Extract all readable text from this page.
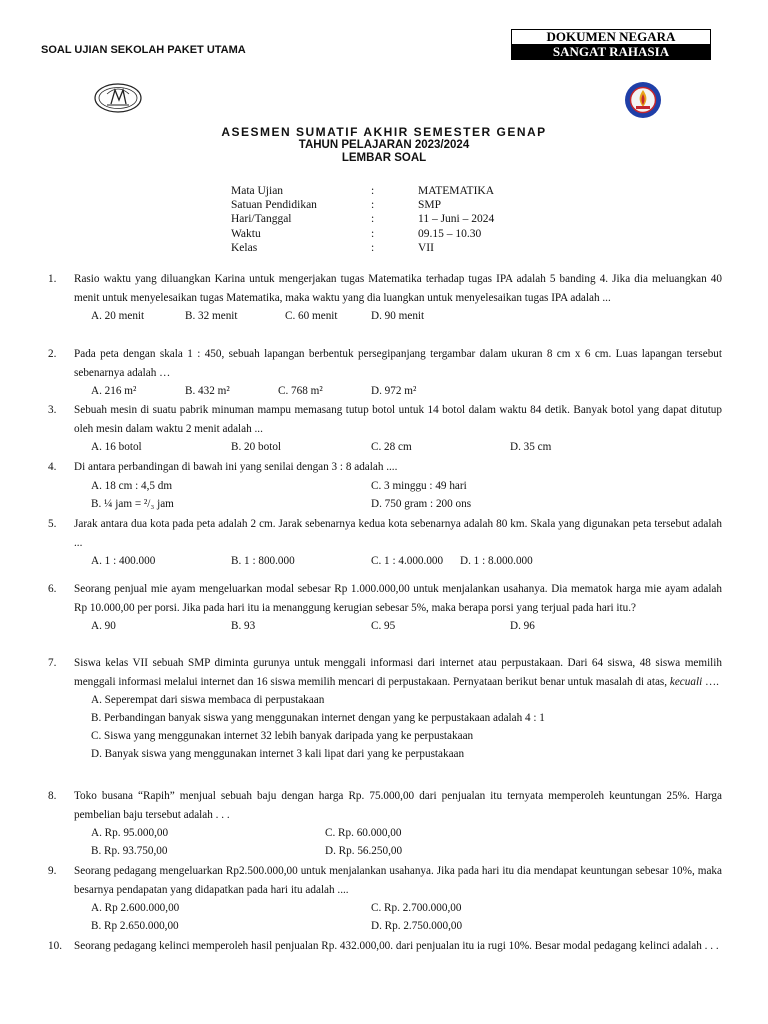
SOAL UJIAN SEKOLAH PAKET UTAMA
DOKUMEN NEGARA
SANGAT RAHASIA
ASESMEN SUMATIF AKHIR SEMESTER GENAP
TAHUN PELAJARAN 2023/2024
LEMBAR SOAL
Mata Ujian	:	MATEMATIKA
Satuan Pendidikan	:	SMP
Hari/Tanggal	:	11 – Juni – 2024
Waktu	:	09.15 – 10.30
Kelas	:	VII
1. Rasio waktu yang diluangkan Karina untuk mengerjakan tugas Matematika terhadap tugas IPA adalah 5 banding 4. Jika dia meluangkan 40 menit untuk menyelesaikan tugas Matematika, maka waktu yang dia luangkan untuk menyelesaikan tugas IPA adalah ...
A. 20 menit	B. 32 menit	C. 60 menit	D. 90 menit
2. Pada peta dengan skala 1 : 450, sebuah lapangan berbentuk persegipanjang tergambar dalam ukuran 8 cm x 6 cm. Luas lapangan tersebut sebenarnya adalah …
A. 216 m²	B. 432 m²	C. 768 m²	D. 972 m²
3. Sebuah mesin di suatu pabrik minuman mampu memasang tutup botol untuk 14 botol dalam waktu 84 detik. Banyak botol yang dapat ditutup oleh mesin dalam waktu 2 menit adalah ...
A. 16 botol	B. 20 botol	C. 28 cm	D. 35 cm
4. Di antara perbandingan di bawah ini yang senilai dengan 3 : 8 adalah ....
A. 18 cm : 4,5 dm	C. 3 minggu : 49 hari
B. ¼ jam = ²/₃ jam	D. 750 gram : 200 ons
5. Jarak antara dua kota pada peta adalah 2 cm. Jarak sebenarnya kedua kota sebenarnya adalah 80 km. Skala yang digunakan peta tersebut adalah ...
A. 1 : 400.000	B. 1 : 800.000	C. 1 : 4.000.000 D. 1 : 8.000.000
6. Seorang penjual mie ayam mengeluarkan modal sebesar Rp 1.000.000,00 untuk menjalankan usahanya. Dia mematok harga mie ayam adalah Rp 10.000,00 per porsi. Jika pada hari itu ia menanggung kerugian sebesar 5%, maka berapa porsi yang terjual pada hari itu.?
A. 90	B. 93	C. 95	D. 96
7. Siswa kelas VII sebuah SMP diminta gurunya untuk menggali informasi dari internet atau perpustakaan. Dari 64 siswa, 48 siswa memilih menggali informasi melalui internet dan 16 siswa memilih mencari di perpustakaan. Pernyataan berikut benar untuk masalah di atas, kecuali ….
A. Seperempat dari siswa membaca di perpustakaan
B. Perbandingan banyak siswa yang menggunakan internet dengan yang ke perpustakaan adalah 4 : 1
C. Siswa yang menggunakan internet 32 lebih banyak daripada yang ke perpustakaan
D. Banyak siswa yang menggunakan internet 3 kali lipat dari yang ke perpustakaan
8. Toko busana “Rapih” menjual sebuah baju dengan harga Rp. 75.000,00 dari penjualan itu ternyata memperoleh keuntungan 25%. Harga pembelian baju tersebut adalah . . .
A. Rp. 95.000,00	C. Rp. 60.000,00
B. Rp. 93.750,00	D. Rp. 56.250,00
9. Seorang pedagang mengeluarkan Rp2.500.000,00 untuk menjalankan usahanya. Jika pada hari itu dia mendapat keuntungan sebesar 10%, maka besarnya pendapatan yang didapatkan pada hari itu adalah ....
A. Rp 2.600.000,00	C. Rp. 2.700.000,00
B. Rp 2.650.000,00	D. Rp. 2.750.000,00
10. Seorang pedagang kelinci memperoleh hasil penjualan Rp. 432.000,00. dari penjualan itu ia rugi 10%. Besar modal pedagang kelinci adalah . . .
